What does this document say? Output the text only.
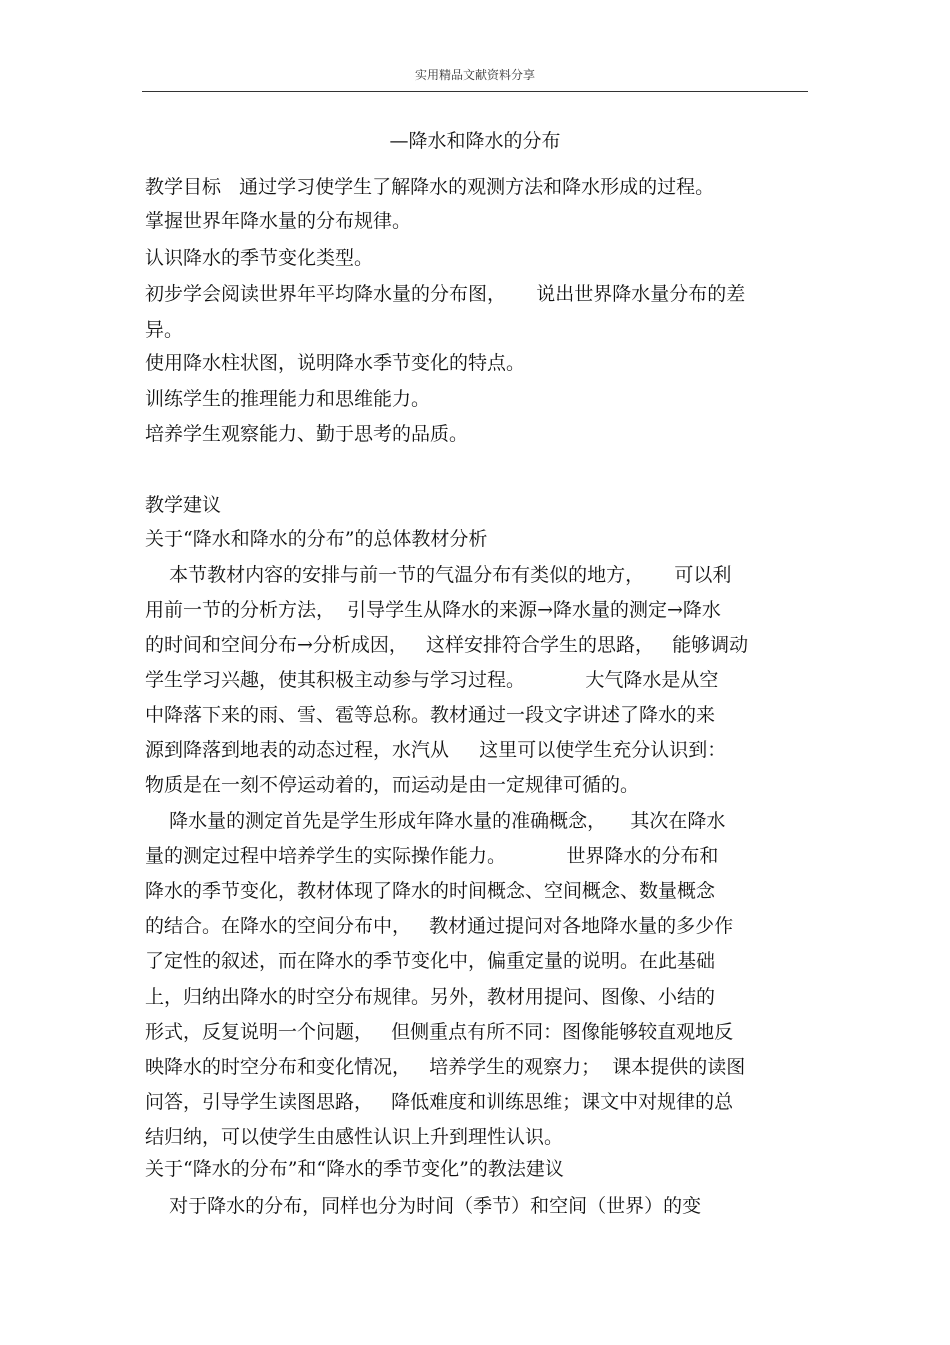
实用精品文献资料分享
—降水和降水的分布
教学目标   通过学习使学生了解降水的观测方法和降水形成的过程。
掌握世界年降水量的分布规律。
认识降水的季节变化类型。
初步学会阅读世界年平均降水量的分布图，     说出世界降水量分布的差
异。
使用降水柱状图，说明降水季节变化的特点。
训练学生的推理能力和思维能力。
培养学生观察能力、勤于思考的品质。
教学建议
关于“降水和降水的分布”的总体教材分析
本节教材内容的安排与前一节的气温分布有类似的地方，     可以利
用前一节的分析方法，  引导学生从降水的来源→降水量的测定→降水
的时间和空间分布→分析成因，   这样安排符合学生的思路，   能够调动
学生学习兴趣，使其积极主动参与学习过程。          大气降水是从空
中降落下来的雨、雪、雹等总称。教材通过一段文字讲述了降水的来
源到降落到地表的动态过程，水汽从     这里可以使学生充分认识到：
物质是在一刻不停运动着的，而运动是由一定规律可循的。
降水量的测定首先是学生形成年降水量的准确概念，    其次在降水
量的测定过程中培养学生的实际操作能力。          世界降水的分布和
降水的季节变化，教材体现了降水的时间概念、空间概念、数量概念
的结合。在降水的空间分布中，   教材通过提问对各地降水量的多少作
了定性的叙述，而在降水的季节变化中，偏重定量的说明。在此基础
上，归纳出降水的时空分布规律。另外，教材用提问、图像、小结的
形式，反复说明一个问题，   但侧重点有所不同：图像能够较直观地反
映降水的时空分布和变化情况，   培养学生的观察力；  课本提供的读图
问答，引导学生读图思路，   降低难度和训练思维；课文中对规律的总
结归纳，可以使学生由感性认识上升到理性认识。
关于“降水的分布”和“降水的季节变化”的教法建议
对于降水的分布，同样也分为时间（季节）和空间（世界）的变
